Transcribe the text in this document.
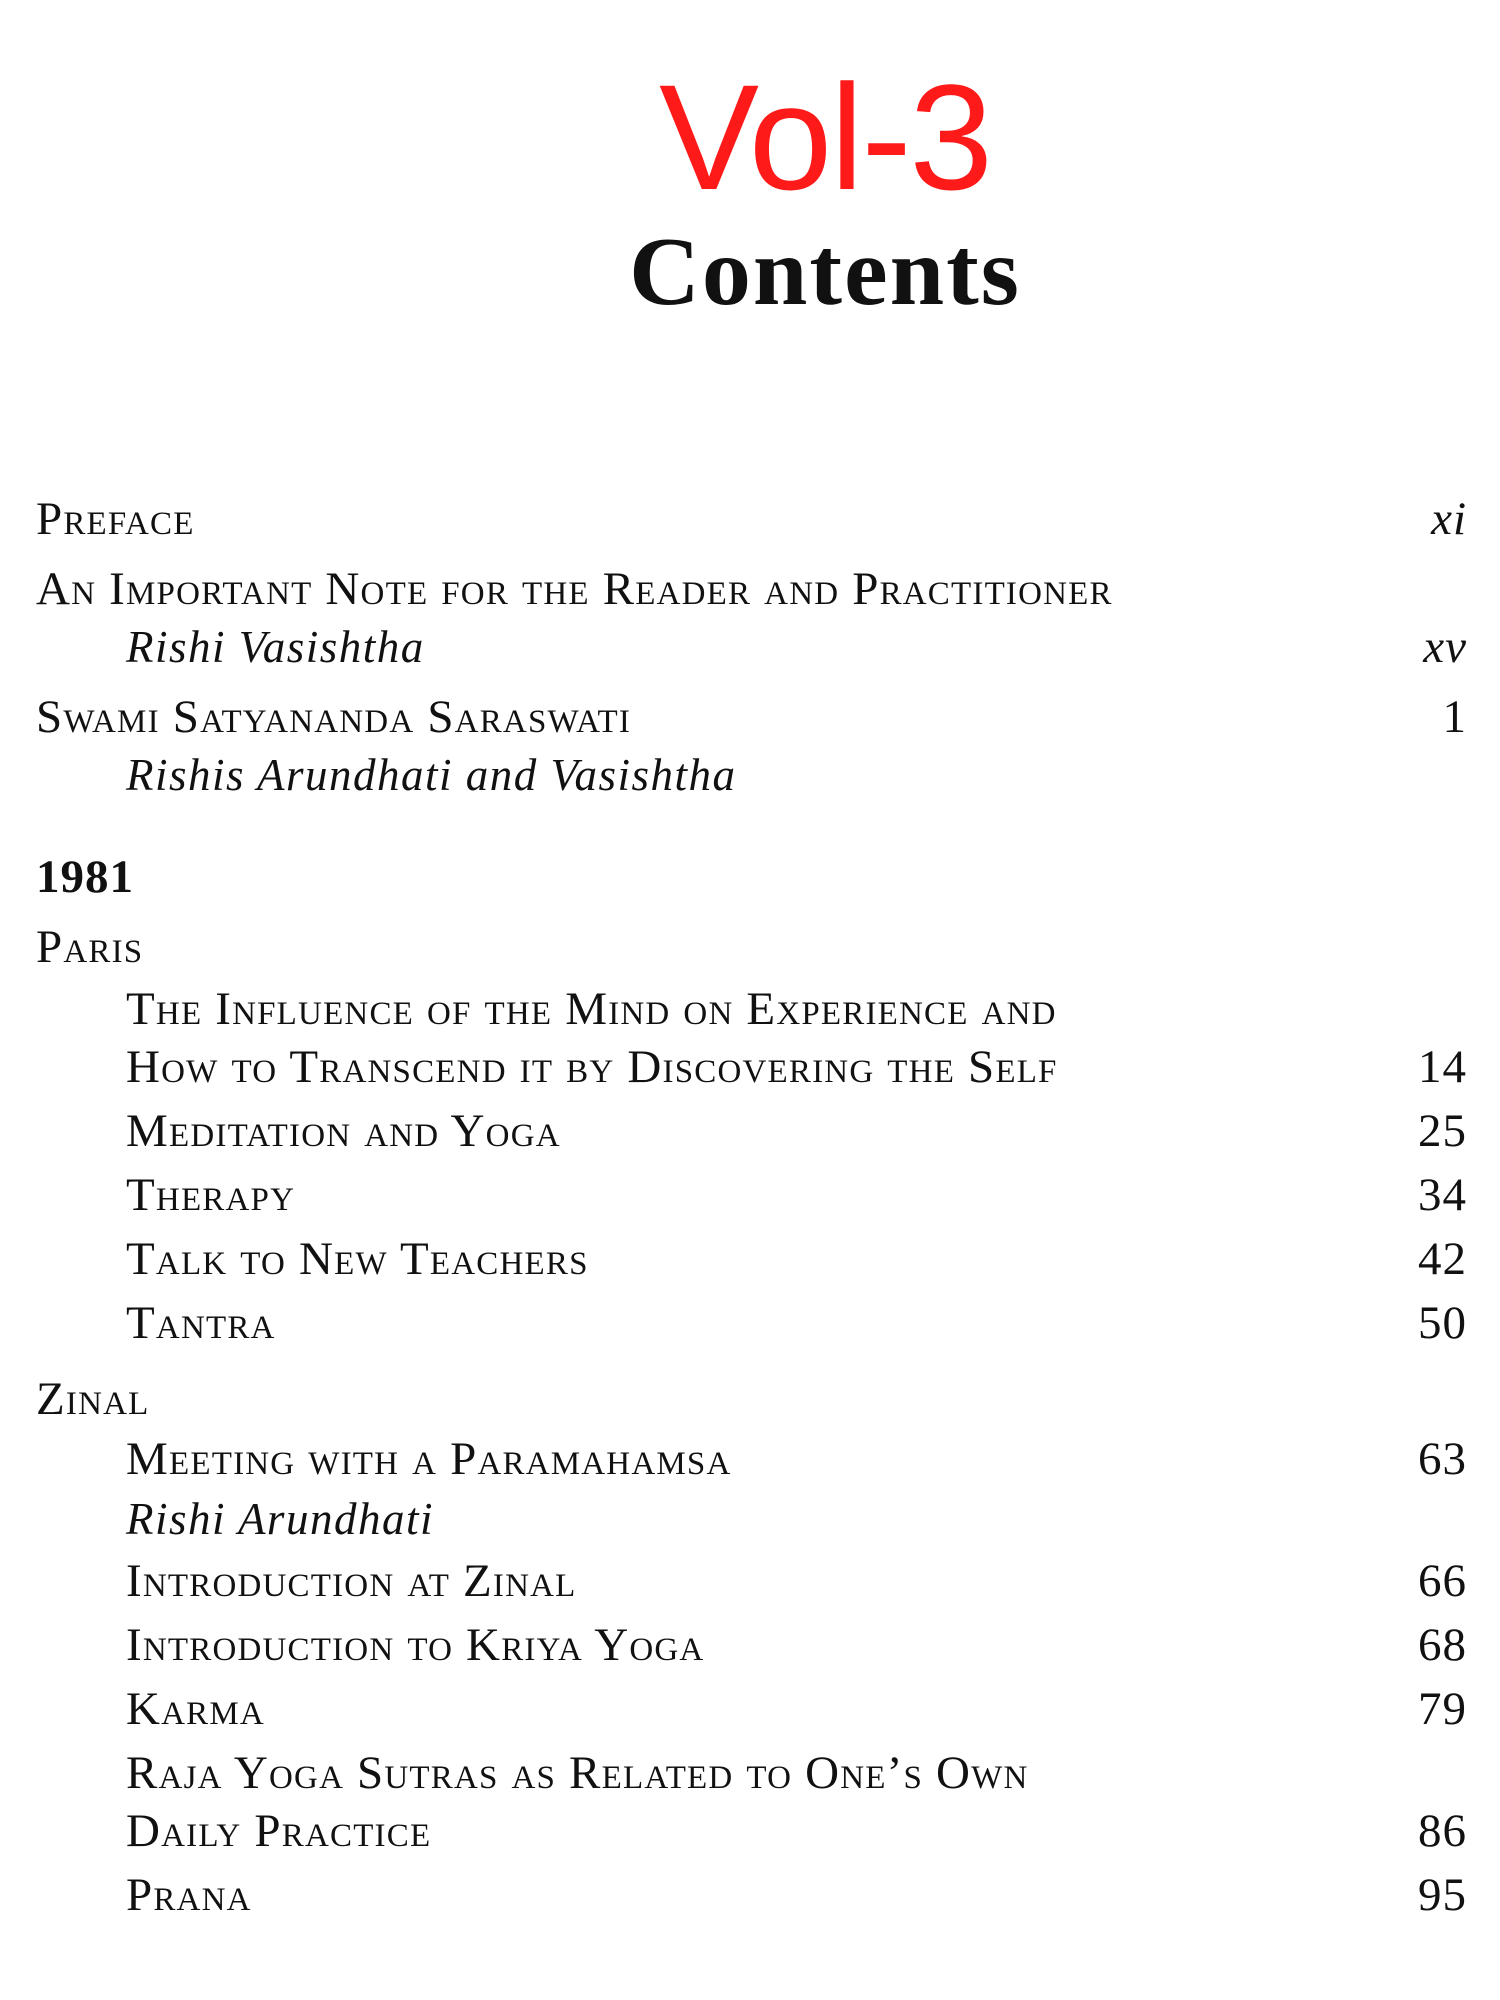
Vol-3
Contents
Preface	xi
An Important Note for the Reader and Practitioner
Rishi Vasishtha	xv
Swami Satyananda Saraswati	1
Rishis Arundhati and Vasishtha
1981
Paris
The Influence of the Mind on Experience and
How to Transcend it by Discovering the Self	14
Meditation and Yoga	25
Therapy	34
Talk to New Teachers	42
Tantra	50
Zinal
Meeting with a Paramahamsa	63
Rishi Arundhati
Introduction at Zinal	66
Introduction to Kriya Yoga	68
Karma	79
Raja Yoga Sutras as Related to One’s Own
Daily Practice	86
Prana	95
